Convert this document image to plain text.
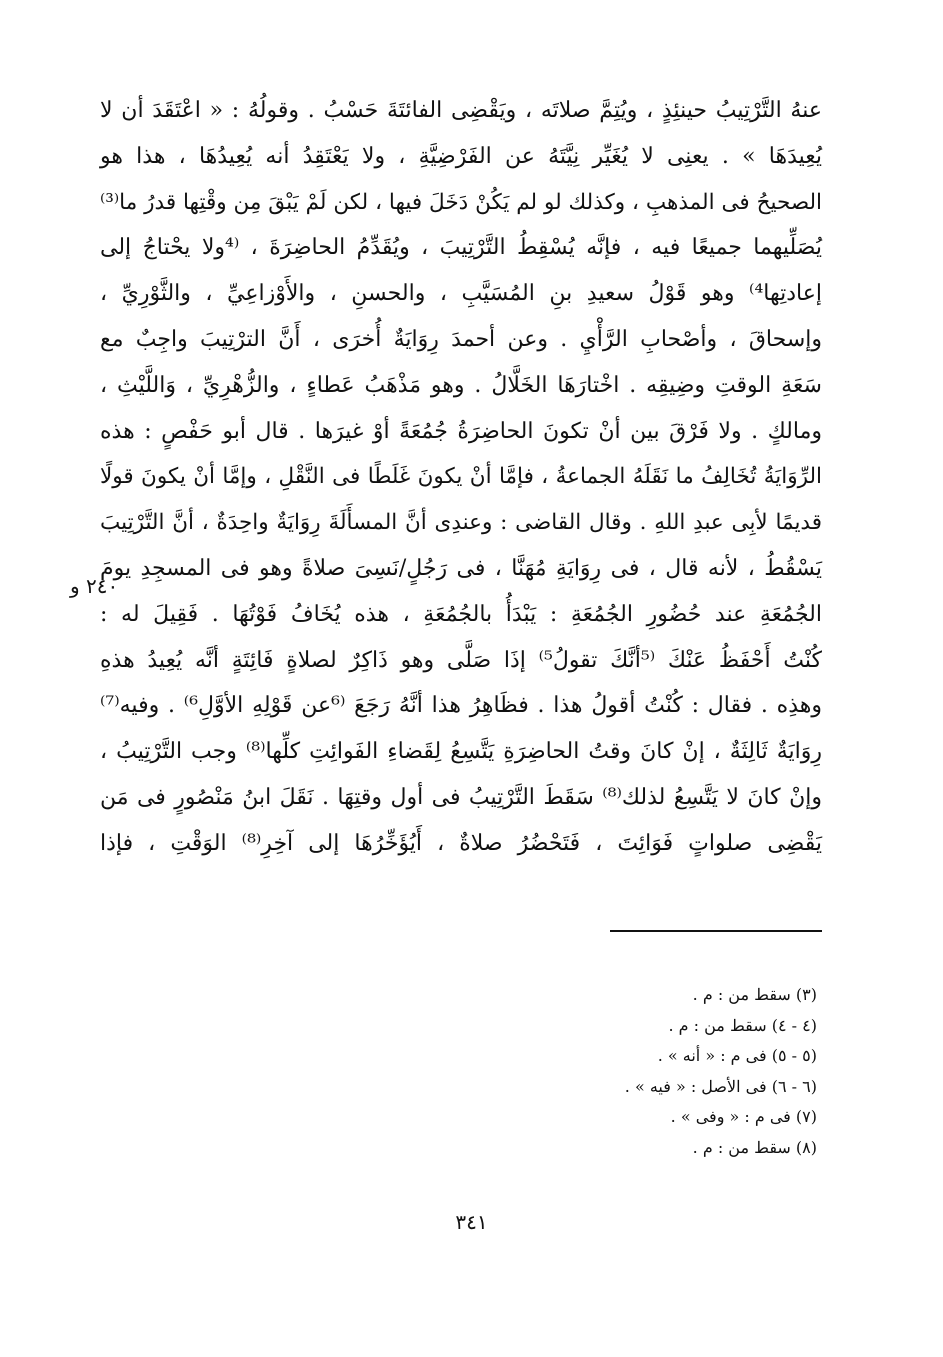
عنهُ التَّرْتِيبُ حينئِذٍ ، ويُتِمَّ صلاتَه ، ويَقْضِى الفائتَةَ حَسْبُ . وقولُهُ : « اعْتَقَدَ أن لا
يُعِيدَهَا » . يعنِى لا يُغَيِّر نِيَّتَهُ عن الفَرْضِيَّةِ ، ولا يَعْتَقِدُ أنه يُعِيدُهَا ، هذا هو
الصحيحُ فى المذهبِ ، وكذلك لو لم يَكُنْ دَخَلَ فيها ، لكن لَمْ يَبْقَ مِن وقْتِها قدرُ ما⁽³⁾
يُصَلِّيهما جميعًا فيه ، فإنَّه يُسْقِطُ التَّرْتِيبَ ، ويُقَدِّمُ الحاضِرَةَ ، ⁽⁴ولا يحْتاجُ إلى
إعادتِها⁴⁾ وهو قَوْلُ سعيدِ بنِ المُسَيَّبِ ، والحسنِ ، والأَوْزاعِيِّ ، والثَّوْرِيِّ ،
وإسحاقَ ، وأصْحابِ الرَّأْيِ . وعن أحمدَ رِوَايَةٌ أُخرَى ، أَنَّ الترْتِيبَ واجِبٌ مع
سَعَةِ الوقتِ وضِيقِه . اخْتارَهَا الخَلَّالُ . وهو مَذْهَبُ عَطاءٍ ، والزُّهْرِيِّ ، وَاللَّيْثِ ،
ومالكٍ . ولا فَرْقَ بين أنْ تكونَ الحاضِرَةُ جُمُعَةً أوْ غيرَها . قال أبو حَفْصٍ : هذه
الرِّوَايَةُ تُخَالِفُ ما نَقَلَهُ الجماعةُ ، فإمَّا أنْ يكونَ غَلَطًا فى النَّقْلِ ، وإمَّا أنْ يكونَ قولًا
قديمًا لأبِى عبدِ اللهِ . وقال القاضى : وعندِى أنَّ المسأَلَةَ رِوَايَةٌ واحِدَةٌ ، أنَّ التَّرْتِيبَ
يَسْقُطُ ، لأنه قال ، فى رِوَايَةِ مُهَنَّا ، فى رَجُلٍ/نَسِىَ صلاةً وهو فى المسجِدِ يومَ
الجُمُعَةِ عند حُضُورِ الجُمُعَةِ : يَبْدَأُ بالجُمُعَةِ ، هذه يُخَافُ فَوْتُهَا . فَقِيلَ له :
كُنْتُ أَحْفَظُ عَنْكَ ⁽⁵أنَّكَ تقولُ⁵⁾ إذَا صَلَّى وهو ذَاكِرٌ لصلاةٍ فَائِتَةٍ أنَّه يُعِيدُ هذهِ
وهذِه . فقال : كُنْتُ أقولُ هذا . فظَاهِرُ هذا أنَّهُ رَجَعَ ⁽⁶عن قَوْلِهِ الأوَّلِ⁶⁾ . وفيه⁽⁷⁾
رِوَايَةٌ ثَالِثَةٌ ، إنْ كانَ وقتُ الحاضِرَةِ يَتَّسِعُ لِقَضاءِ الفَوائِتِ كلِّها⁽⁸⁾ وجب التَّرْتِيبُ ،
وإنْ كانَ لا يَتَّسِعُ لذلك⁽⁸⁾ سَقَطَ التَّرْتِيبُ فى أول وقتِهَا . نَقَلَ ابنُ مَنْصُورٍ فى مَن
يَقْضِى صلواتٍ فَوَائِتَ ، فَتَحْضُرُ صلاةٌ ، أَيُؤَخِّرُهَا إلى آخِرِ⁽⁸⁾ الوَقْتِ ، فإذا
٢٤٠ و
(٣) سقط من : م .
(٤ - ٤) سقط من : م .
(٥ - ٥) فى م : « أنه » .
(٦ - ٦) فى الأصل : « فيه » .
(٧) فى م : « وفى » .
(٨) سقط من : م .
٣٤١
